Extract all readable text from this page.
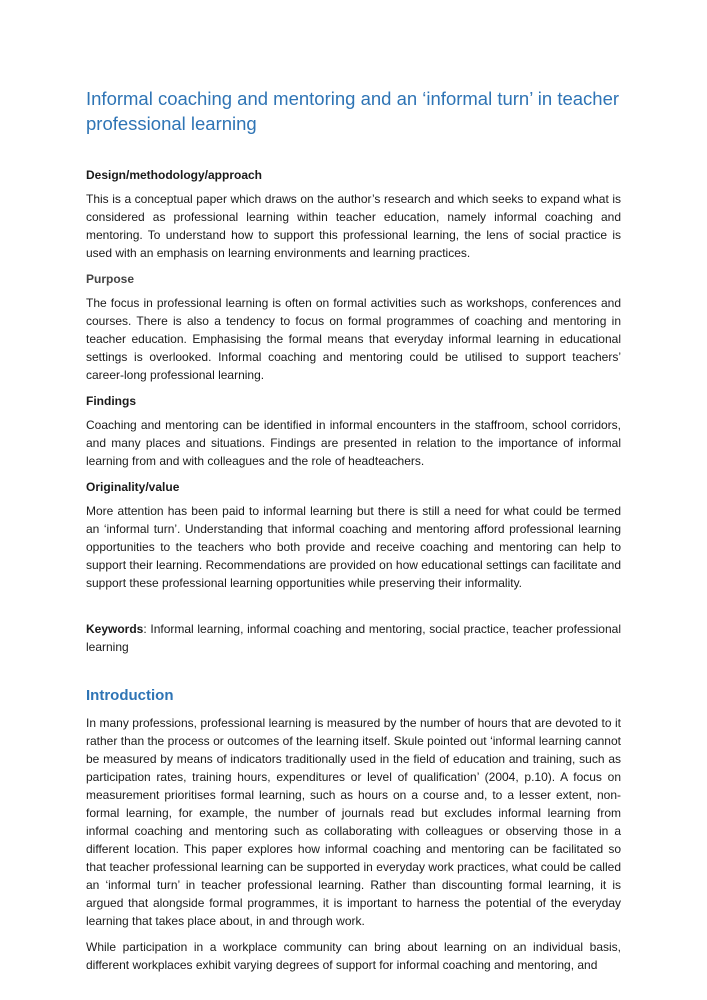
Informal coaching and mentoring and an ‘informal turn’ in teacher professional learning
Design/methodology/approach

This is a conceptual paper which draws on the author’s research and which seeks to expand what is considered as professional learning within teacher education, namely informal coaching and mentoring. To understand how to support this professional learning, the lens of social practice is used with an emphasis on learning environments and learning practices.

Purpose

The focus in professional learning is often on formal activities such as workshops, conferences and courses. There is also a tendency to focus on formal programmes of coaching and mentoring in teacher education. Emphasising the formal means that everyday informal learning in educational settings is overlooked. Informal coaching and mentoring could be utilised to support teachers’ career-long professional learning.

Findings

Coaching and mentoring can be identified in informal encounters in the staffroom, school corridors, and many places and situations. Findings are presented in relation to the importance of informal learning from and with colleagues and the role of headteachers.

Originality/value

More attention has been paid to informal learning but there is still a need for what could be termed an ‘informal turn’. Understanding that informal coaching and mentoring afford professional learning opportunities to the teachers who both provide and receive coaching and mentoring can help to support their learning. Recommendations are provided on how educational settings can facilitate and support these professional learning opportunities while preserving their informality.

Keywords: Informal learning, informal coaching and mentoring, social practice, teacher professional learning

Introduction

In many professions, professional learning is measured by the number of hours that are devoted to it rather than the process or outcomes of the learning itself. Skule pointed out ‘informal learning cannot be measured by means of indicators traditionally used in the field of education and training, such as participation rates, training hours, expenditures or level of qualification’ (2004, p.10). A focus on measurement prioritises formal learning, such as hours on a course and, to a lesser extent, non-formal learning, for example, the number of journals read but excludes informal learning from informal coaching and mentoring such as collaborating with colleagues or observing those in a different location. This paper explores how informal coaching and mentoring can be facilitated so that teacher professional learning can be supported in everyday work practices, what could be called an ‘informal turn’ in teacher professional learning. Rather than discounting formal learning, it is argued that alongside formal programmes, it is important to harness the potential of the everyday learning that takes place about, in and through work.

While participation in a workplace community can bring about learning on an individual basis, different workplaces exhibit varying degrees of support for informal coaching and mentoring, and
